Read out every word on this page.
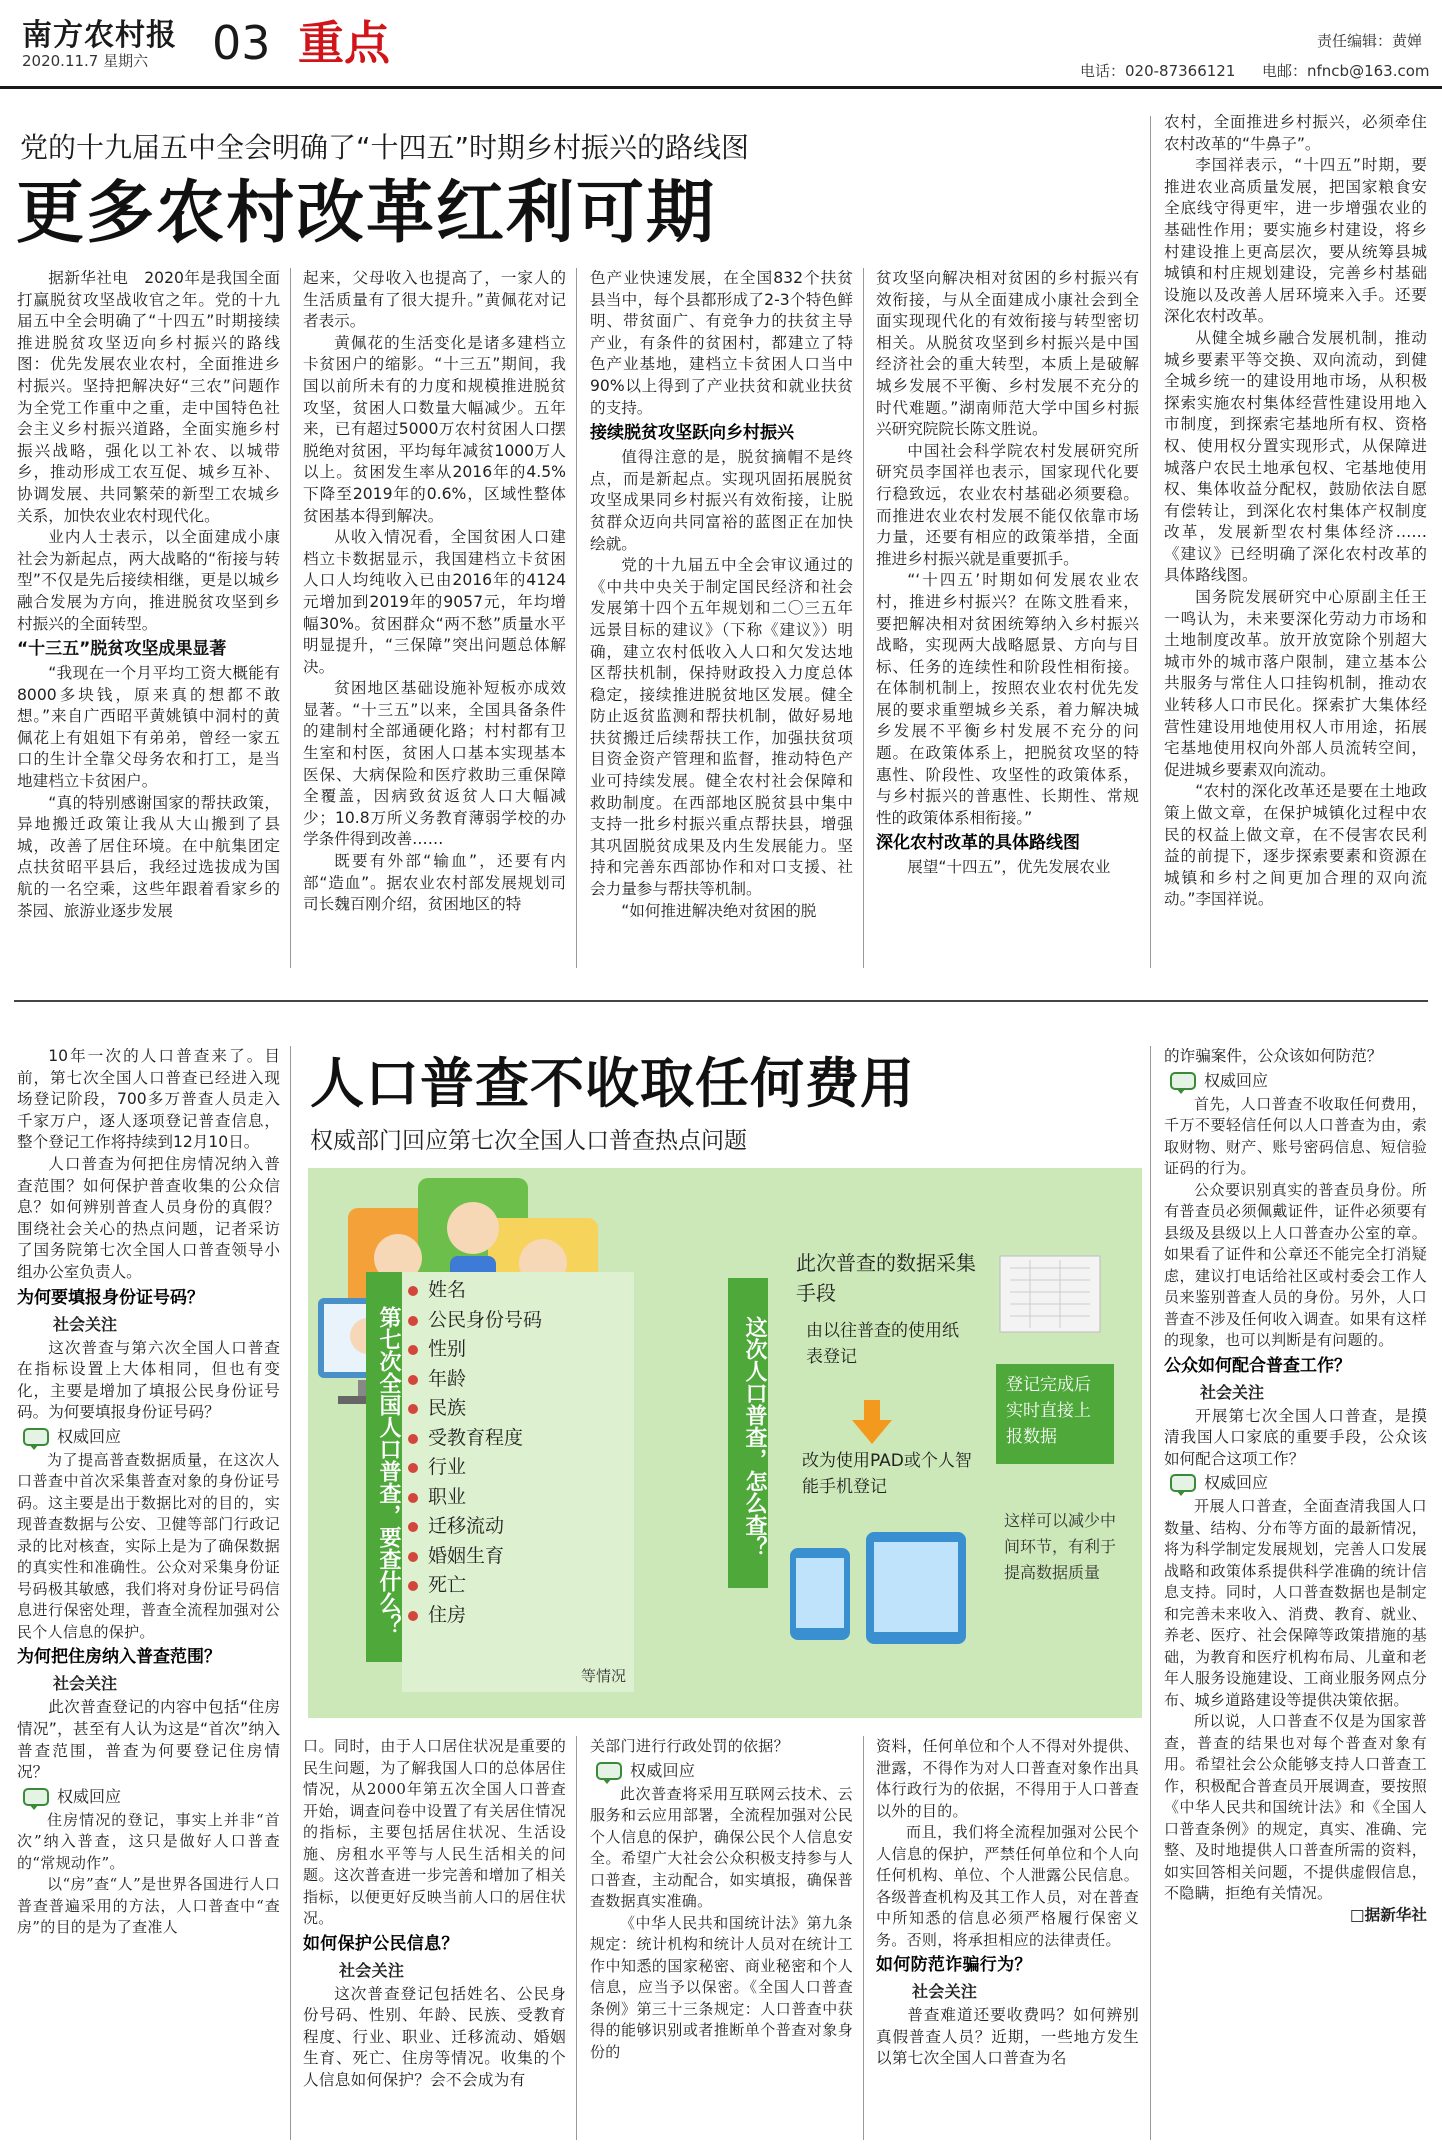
南方农村报
2020.11.7 星期六 03 重点	责任编辑：黄婵
电话：020-87366121 电邮：nfncb@163.com
党的十九届五中全会明确了“十四五”时期乡村振兴的路线图
更多农村改革红利可期

据新华社电　2020年是我国全面打赢脱贫攻坚战收官之年。党的十九届五中全会明确了“十四五”时期接续推进脱贫攻坚迈向乡村振兴的路线图：优先发展农业农村，全面推进乡村振兴。坚持把解决好“三农”问题作为全党工作重中之重，走中国特色社会主义乡村振兴道路，全面实施乡村振兴战略，强化以工补农、以城带乡，推动形成工农互促、城乡互补、协调发展、共同繁荣的新型工农城乡关系，加快农业农村现代化。

业内人士表示，以全面建成小康社会为新起点，两大战略的“衔接与转型”不仅是先后接续相继，更是以城乡融合发展为方向，推进脱贫攻坚到乡村振兴的全面转型。

“十三五”脱贫攻坚成果显著

“我现在一个月平均工资大概能有8000多块钱，原来真的想都不敢想。”来自广西昭平黄姚镇中洞村的黄佩花上有姐姐下有弟弟，曾经一家五口的生计全靠父母务农和打工，是当地建档立卡贫困户。

“真的特别感谢国家的帮扶政策，异地搬迁政策让我从大山搬到了县城，改善了居住环境。在中航集团定点扶贫昭平县后，我经过选拔成为国航的一名空乘，这些年跟着看家乡的茶园、旅游业逐步发展

起来，父母收入也提高了，一家人的生活质量有了很大提升。”黄佩花对记者表示。

黄佩花的生活变化是诸多建档立卡贫困户的缩影。“十三五”期间，我国以前所未有的力度和规模推进脱贫攻坚，贫困人口数量大幅减少。五年来，已有超过5000万农村贫困人口摆脱绝对贫困，平均每年减贫1000万人以上。贫困发生率从2016年的4.5%下降至2019年的0.6%，区域性整体贫困基本得到解决。

从收入情况看，全国贫困人口建档立卡数据显示，我国建档立卡贫困人口人均纯收入已由2016年的4124元增加到2019年的9057元，年均增幅30%。贫困群众“两不愁”质量水平明显提升，“三保障”突出问题总体解决。

贫困地区基础设施补短板亦成效显著。“十三五”以来，全国具备条件的建制村全部通硬化路；村村都有卫生室和村医，贫困人口基本实现基本医保、大病保险和医疗救助三重保障全覆盖，因病致贫返贫人口大幅减少；10.8万所义务教育薄弱学校的办学条件得到改善……

既要有外部“输血”，还要有内部“造血”。据农业农村部发展规划司司长魏百刚介绍，贫困地区的特

色产业快速发展，在全国832个扶贫县当中，每个县都形成了2-3个特色鲜明、带贫面广、有竞争力的扶贫主导产业，有条件的贫困村，都建立了特色产业基地，建档立卡贫困人口当中90%以上得到了产业扶贫和就业扶贫的支持。

接续脱贫攻坚跃向乡村振兴

值得注意的是，脱贫摘帽不是终点，而是新起点。实现巩固拓展脱贫攻坚成果同乡村振兴有效衔接，让脱贫群众迈向共同富裕的蓝图正在加快绘就。

党的十九届五中全会审议通过的《中共中央关于制定国民经济和社会发展第十四个五年规划和二〇三五年远景目标的建议》（下称《建议》）明确，建立农村低收入人口和欠发达地区帮扶机制，保持财政投入力度总体稳定，接续推进脱贫地区发展。健全防止返贫监测和帮扶机制，做好易地扶贫搬迁后续帮扶工作，加强扶贫项目资金资产管理和监督，推动特色产业可持续发展。健全农村社会保障和救助制度。在西部地区脱贫县中集中支持一批乡村振兴重点帮扶县，增强其巩固脱贫成果及内生发展能力。坚持和完善东西部协作和对口支援、社会力量参与帮扶等机制。

“如何推进解决绝对贫困的脱

贫攻坚向解决相对贫困的乡村振兴有效衔接，与从全面建成小康社会到全面实现现代化的有效衔接与转型密切相关。从脱贫攻坚到乡村振兴是中国经济社会的重大转型，本质上是破解城乡发展不平衡、乡村发展不充分的时代难题。”湖南师范大学中国乡村振兴研究院院长陈文胜说。

中国社会科学院农村发展研究所研究员李国祥也表示，国家现代化要行稳致远，农业农村基础必须要稳。而推进农业农村发展不能仅依靠市场力量，还要有相应的政策举措，全面推进乡村振兴就是重要抓手。

“‘十四五’时期如何发展农业农村，推进乡村振兴？在陈文胜看来，要把解决相对贫困统筹纳入乡村振兴战略，实现两大战略愿景、方向与目标、任务的连续性和阶段性相衔接。在体制机制上，按照农业农村优先发展的要求重塑城乡关系，着力解决城乡发展不平衡乡村发展不充分的问题。在政策体系上，把脱贫攻坚的特惠性、阶段性、攻坚性的政策体系，与乡村振兴的普惠性、长期性、常规性的政策体系相衔接。”

深化农村改革的具体路线图

展望“十四五”，优先发展农业

农村，全面推进乡村振兴，必须牵住农村改革的“牛鼻子”。

李国祥表示，“十四五”时期，要推进农业高质量发展，把国家粮食安全底线守得更牢，进一步增强农业的基础性作用；要实施乡村建设，将乡村建设推上更高层次，要从统筹县城城镇和村庄规划建设，完善乡村基础设施以及改善人居环境来入手。还要深化农村改革。

从健全城乡融合发展机制，推动城乡要素平等交换、双向流动，到健全城乡统一的建设用地市场，从积极探索实施农村集体经营性建设用地入市制度，到探索宅基地所有权、资格权、使用权分置实现形式，从保障进城落户农民土地承包权、宅基地使用权、集体收益分配权，鼓励依法自愿有偿转让，到深化农村集体产权制度改革，发展新型农村集体经济……《建议》已经明确了深化农村改革的具体路线图。

国务院发展研究中心原副主任王一鸣认为，未来要深化劳动力市场和土地制度改革。放开放宽除个别超大城市外的城市落户限制，建立基本公共服务与常住人口挂钩机制，推动农业转移人口市民化。探索扩大集体经营性建设用地使用权人市用途，拓展宅基地使用权向外部人员流转空间，促进城乡要素双向流动。

“农村的深化改革还是要在土地政策上做文章，在保护城镇化过程中农民的权益上做文章，在不侵害农民利益的前提下，逐步探索要素和资源在城镇和乡村之间更加合理的双向流动。”李国祥说。

10年一次的人口普查来了。目前，第七次全国人口普查已经进入现场登记阶段，700多万普查人员走入千家万户，逐人逐项登记普查信息，整个登记工作将持续到12月10日。

人口普查为何把住房情况纳入普查范围？如何保护普查收集的公众信息？如何辨别普查人员身份的真假？围绕社会关心的热点问题，记者采访了国务院第七次全国人口普查领导小组办公室负责人。

为何要填报身份证号码？

社会关注

这次普查与第六次全国人口普查在指标设置上大体相同，但也有变化，主要是增加了填报公民身份证号码。为何要填报身份证号码？

权威回应

为了提高普查数据质量，在这次人口普查中首次采集普查对象的身份证号码。这主要是出于数据比对的目的，实现普查数据与公安、卫健等部门行政记录的比对核查，实际上是为了确保数据的真实性和准确性。公众对采集身份证号码极其敏感，我们将对身份证号码信息进行保密处理，普查全流程加强对公民个人信息的保护。

为何把住房纳入普查范围？

社会关注

此次普查登记的内容中包括“住房情况”，甚至有人认为这是“首次”纳入普查范围，普查为何要登记住房情况？

权威回应

住房情况的登记，事实上并非“首次”纳入普查，这只是做好人口普查的“常规动作”。

以“房”查“人”是世界各国进行人口普查普遍采用的方法，人口普查中“查房”的目的是为了查准人

人口普查不收取任何费用
权威部门回应第七次全国人口普查热点问题
第七次全国人口普查，要查什么？
姓名
公民身份号码
性别
年龄
民族
受教育程度
行业
职业
迁移流动
婚姻生育
死亡
住房
等情况
这次人口普查，怎么查？
此次普查的数据采集手段
由以往普查的使用纸表登记
改为使用PAD或个人智能手机登记
登记完成后实时直接上报数据
这样可以减少中间环节，有利于提高数据质量

口。同时，由于人口居住状况是重要的民生问题，为了解我国人口的总体居住情况，从2000年第五次全国人口普查开始，调查问卷中设置了有关居住情况的指标，主要包括居住状况、生活设施、房租水平等与人民生活相关的问题。这次普查进一步完善和增加了相关指标，以便更好反映当前人口的居住状况。

如何保护公民信息？

社会关注

这次普查登记包括姓名、公民身份号码、性别、年龄、民族、受教育程度、行业、职业、迁移流动、婚姻生育、死亡、住房等情况。收集的个人信息如何保护？会不会成为有

关部门进行行政处罚的依据？

权威回应

此次普查将采用互联网云技术、云服务和云应用部署，全流程加强对公民个人信息的保护，确保公民个人信息安全。希望广大社会公众积极支持参与人口普查，主动配合，如实填报，确保普查数据真实准确。

《中华人民共和国统计法》第九条规定：统计机构和统计人员对在统计工作中知悉的国家秘密、商业秘密和个人信息，应当予以保密。《全国人口普查条例》第三十三条规定：人口普查中获得的能够识别或者推断单个普查对象身份的

资料，任何单位和个人不得对外提供、泄露，不得作为对人口普查对象作出具体行政行为的依据，不得用于人口普查以外的目的。

而且，我们将全流程加强对公民个人信息的保护，严禁任何单位和个人向任何机构、单位、个人泄露公民信息。各级普查机构及其工作人员，对在普查中所知悉的信息必须严格履行保密义务。否则，将承担相应的法律责任。

如何防范诈骗行为？

社会关注

普查难道还要收费吗？如何辨别真假普查人员？近期，一些地方发生以第七次全国人口普查为名

的诈骗案件，公众该如何防范？

权威回应

首先，人口普查不收取任何费用，千万不要轻信任何以人口普查为由，索取财物、财产、账号密码信息、短信验证码的行为。

公众要识别真实的普查员身份。所有普查员必须佩戴证件，证件必须要有县级及县级以上人口普查办公室的章。如果看了证件和公章还不能完全打消疑虑，建议打电话给社区或村委会工作人员来鉴别普查人员的身份。另外，人口普查不涉及任何收入调查。如果有这样的现象，也可以判断是有问题的。

公众如何配合普查工作？

社会关注

开展第七次全国人口普查，是摸清我国人口家底的重要手段，公众该如何配合这项工作？

权威回应

开展人口普查，全面查清我国人口数量、结构、分布等方面的最新情况，将为科学制定发展规划，完善人口发展战略和政策体系提供科学准确的统计信息支持。同时，人口普查数据也是制定和完善未来收入、消费、教育、就业、养老、医疗、社会保障等政策措施的基础，为教育和医疗机构布局、儿童和老年人服务设施建设、工商业服务网点分布、城乡道路建设等提供决策依据。

所以说，人口普查不仅是为国家普查，普查的结果也对每个普查对象有用。希望社会公众能够支持人口普查工作，积极配合普查员开展调查，要按照《中华人民共和国统计法》和《全国人口普查条例》的规定，真实、准确、完整、及时地提供人口普查所需的资料，如实回答相关问题，不提供虚假信息，不隐瞒，拒绝有关情况。

□据新华社
